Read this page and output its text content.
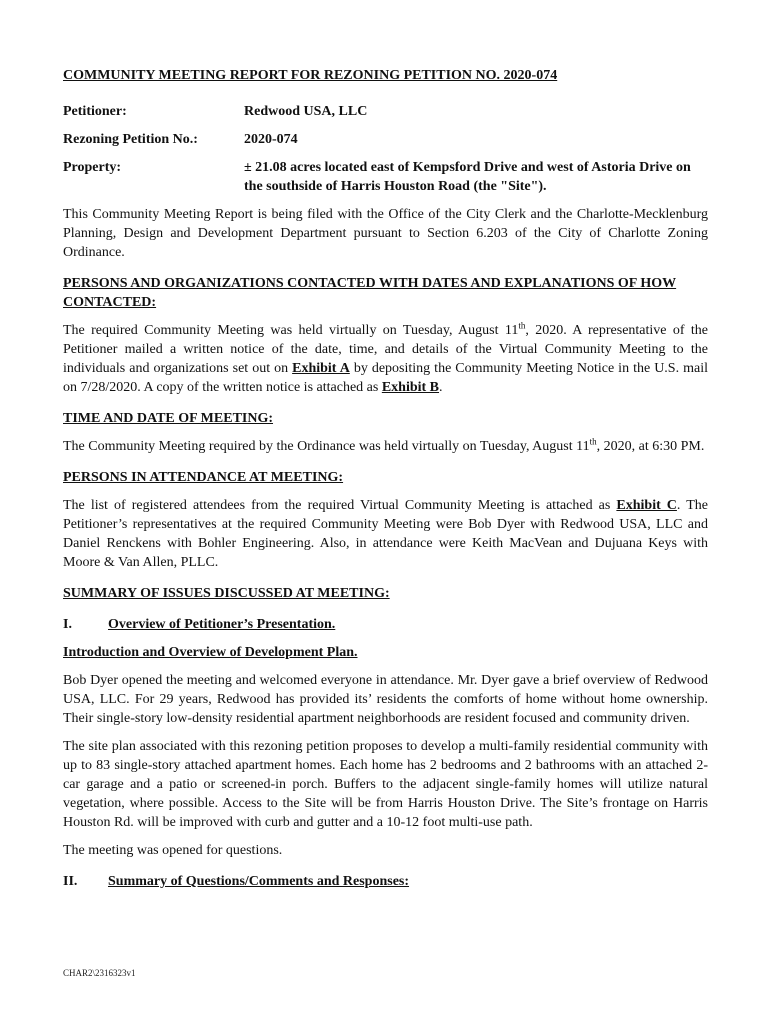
COMMUNITY MEETING REPORT FOR REZONING PETITION NO. 2020-074
Petitioner:	Redwood USA, LLC
Rezoning Petition No.:	2020-074
Property:	± 21.08 acres located east of Kempsford Drive and west of Astoria Drive on the southside of Harris Houston Road (the "Site").

This Community Meeting Report is being filed with the Office of the City Clerk and the Charlotte-Mecklenburg Planning, Design and Development Department pursuant to Section 6.203 of the City of Charlotte Zoning Ordinance.

PERSONS AND ORGANIZATIONS CONTACTED WITH DATES AND EXPLANATIONS OF HOW CONTACTED:

The required Community Meeting was held virtually on Tuesday, August 11th, 2020. A representative of the Petitioner mailed a written notice of the date, time, and details of the Virtual Community Meeting to the individuals and organizations set out on Exhibit A by depositing the Community Meeting Notice in the U.S. mail on 7/28/2020. A copy of the written notice is attached as Exhibit B.

TIME AND DATE OF MEETING:

The Community Meeting required by the Ordinance was held virtually on Tuesday, August 11th, 2020, at 6:30 PM.

PERSONS IN ATTENDANCE AT MEETING:

The list of registered attendees from the required Virtual Community Meeting is attached as Exhibit C. The Petitioner’s representatives at the required Community Meeting were Bob Dyer with Redwood USA, LLC and Daniel Renckens with Bohler Engineering. Also, in attendance were Keith MacVean and Dujuana Keys with Moore & Van Allen, PLLC.

SUMMARY OF ISSUES DISCUSSED AT MEETING:
I.	Overview of Petitioner’s Presentation.
Introduction and Overview of Development Plan.

Bob Dyer opened the meeting and welcomed everyone in attendance. Mr. Dyer gave a brief overview of Redwood USA, LLC. For 29 years, Redwood has provided its’ residents the comforts of home without home ownership. Their single-story low-density residential apartment neighborhoods are resident focused and community driven.

The site plan associated with this rezoning petition proposes to develop a multi-family residential community with up to 83 single-story attached apartment homes. Each home has 2 bedrooms and 2 bathrooms with an attached 2-car garage and a patio or screened-in porch. Buffers to the adjacent single-family homes will utilize natural vegetation, where possible. Access to the Site will be from Harris Houston Drive. The Site’s frontage on Harris Houston Rd. will be improved with curb and gutter and a 10-12 foot multi-use path.

The meeting was opened for questions.

II.	Summary of Questions/Comments and Responses:
CHAR2\2316323v1
